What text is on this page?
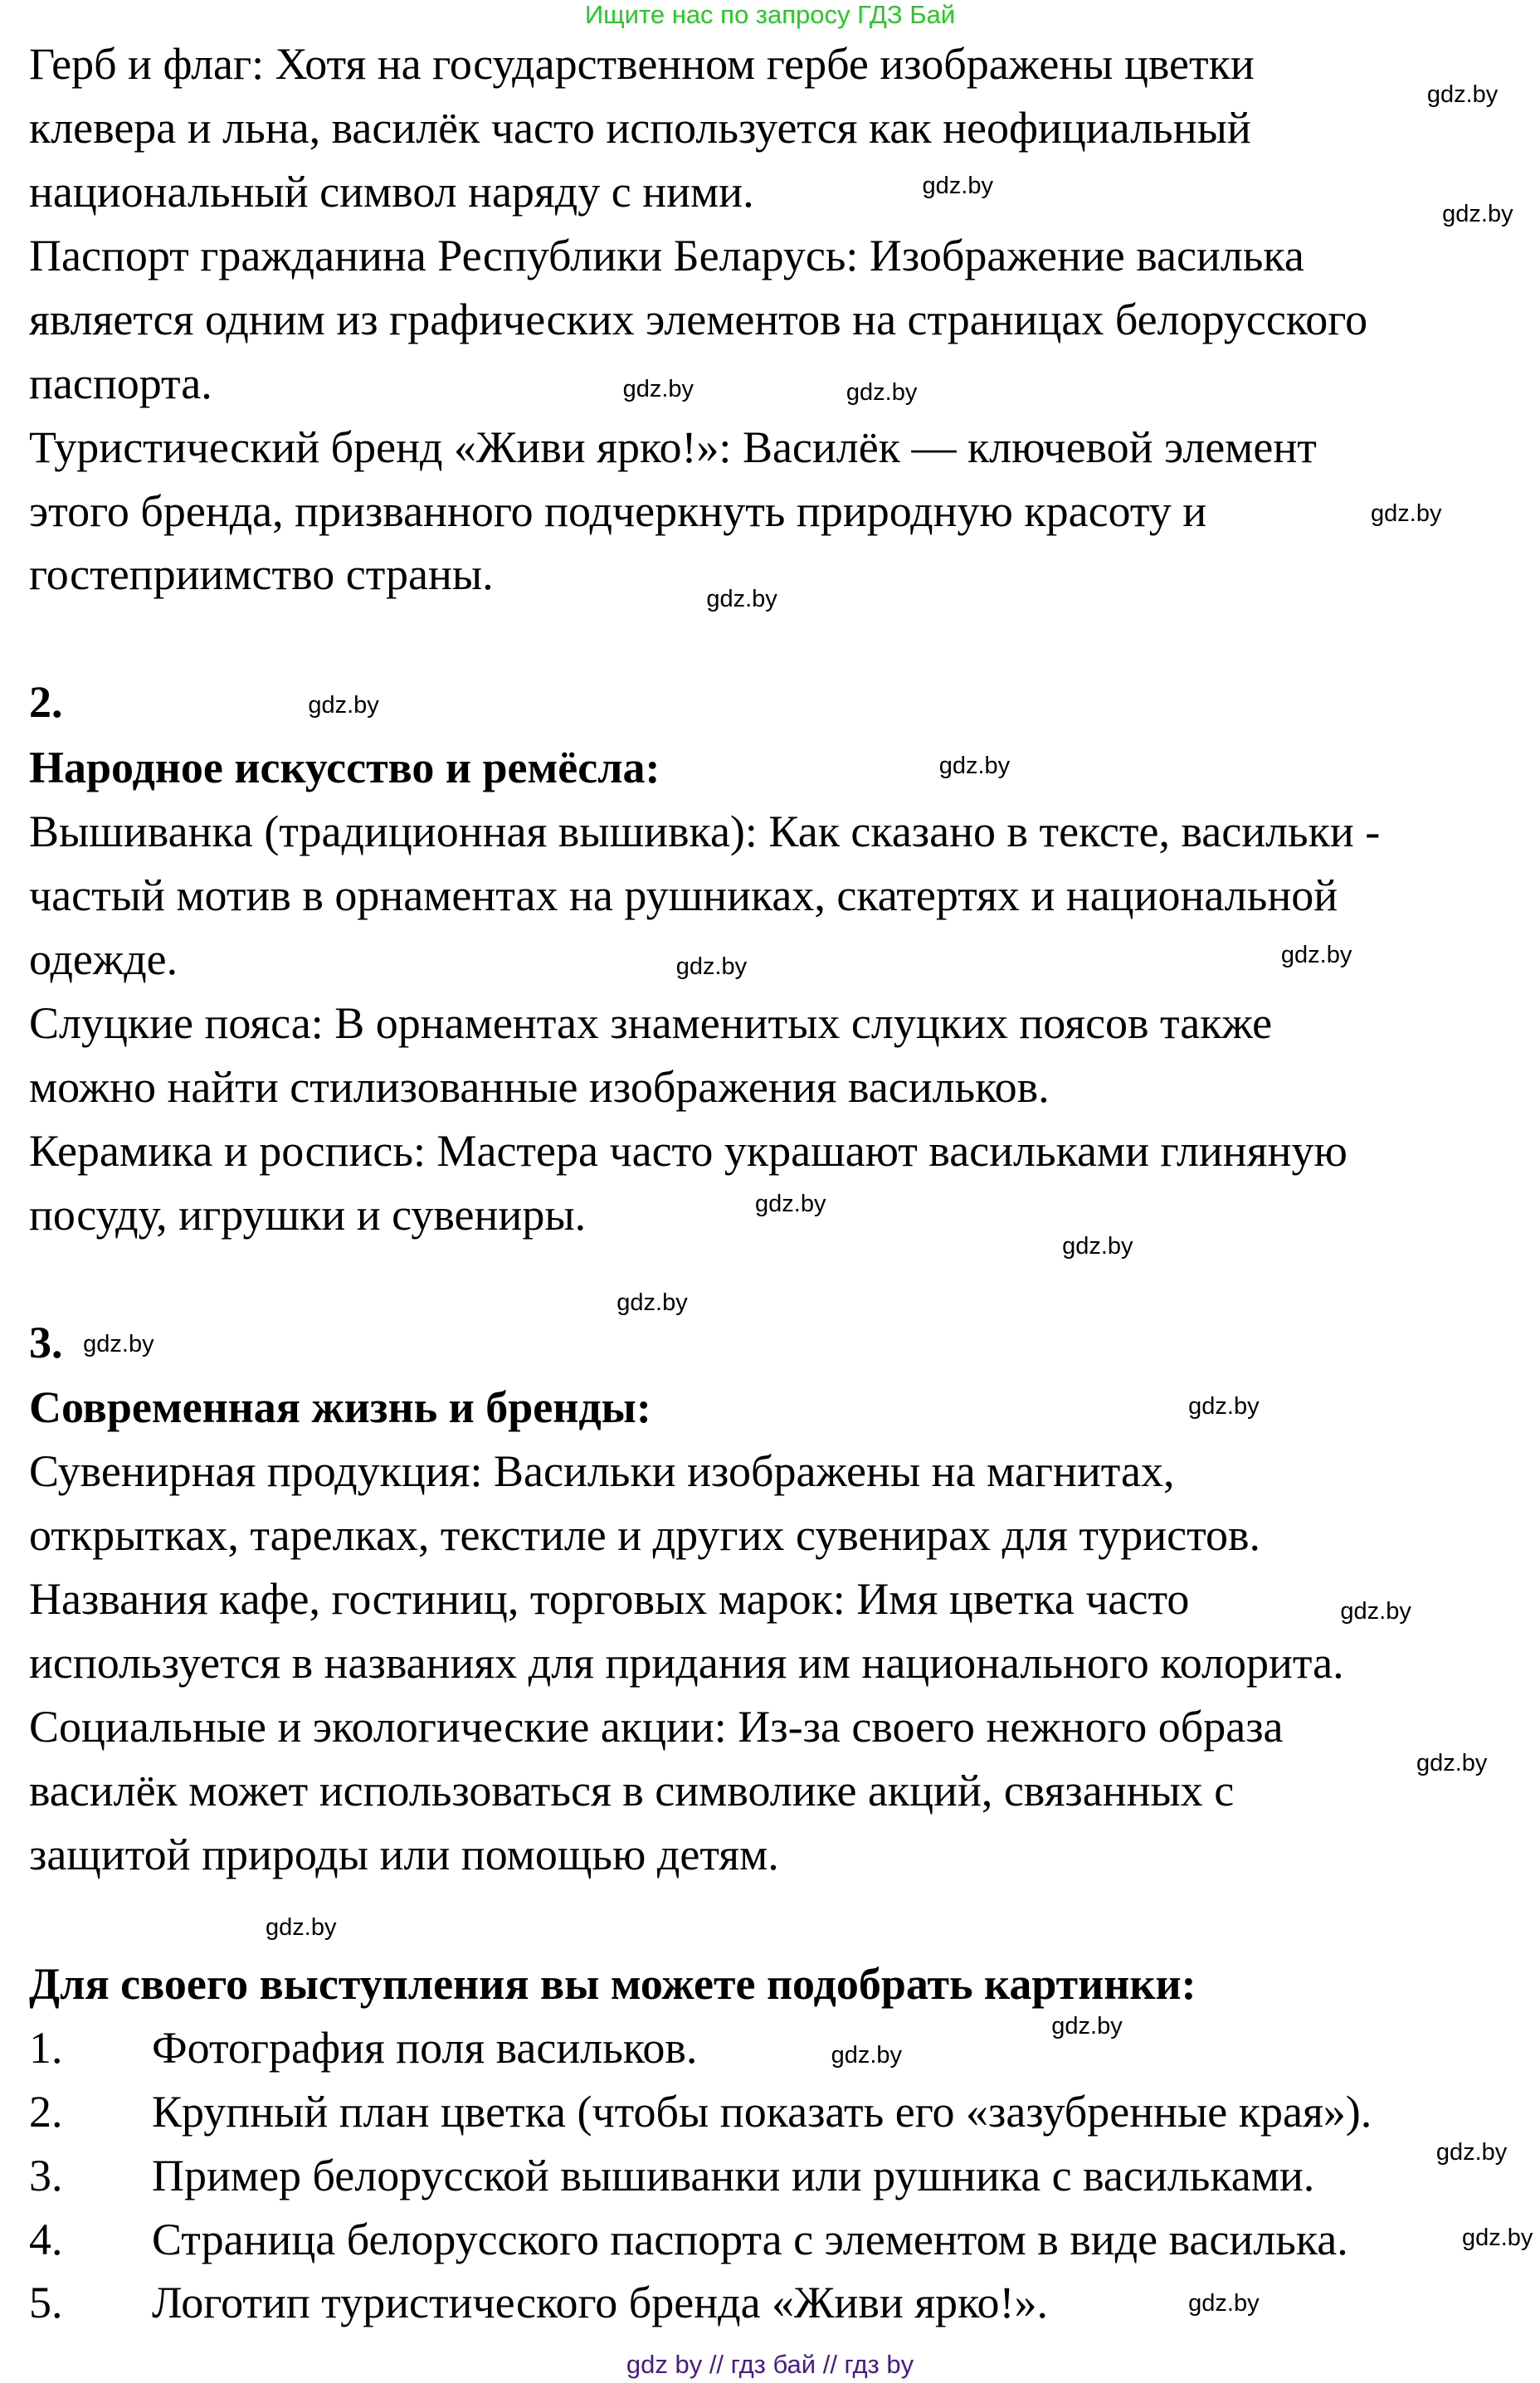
Ищите нас по запросу ГДЗ Бай
Герб и флаг: Хотя на государственном гербе изображены цветки
клевера и льна, василёк часто используется как неофициальный
национальный символ наряду с ними.
Паспорт гражданина Республики Беларусь: Изображение василька
является одним из графических элементов на страницах белорусского
паспорта.
Туристический бренд «Живи ярко!»: Василёк — ключевой элемент
этого бренда, призванного подчеркнуть природную красоту и
гостеприимство страны.
2.
Народное искусство и ремёсла:
Вышиванка (традиционная вышивка): Как сказано в тексте, васильки -
частый мотив в орнаментах на рушниках, скатертях и национальной
одежде.
Слуцкие пояса: В орнаментах знаменитых слуцких поясов также
можно найти стилизованные изображения васильков.
Керамика и роспись: Мастера часто украшают васильками глиняную
посуду, игрушки и сувениры.
3.
Современная жизнь и бренды:
Сувенирная продукция: Васильки изображены на магнитах,
открытках, тарелках, текстиле и других сувенирах для туристов.
Названия кафе, гостиниц, торговых марок: Имя цветка часто
используется в названиях для придания им национального колорита.
Социальные и экологические акции: Из-за своего нежного образа
василёк может использоваться в символике акций, связанных с
защитой природы или помощью детям.
Для своего выступления вы можете подобрать картинки:
1. Фотография поля васильков.
2. Крупный план цветка (чтобы показать его «зазубренные края»).
3. Пример белорусской вышиванки или рушника с васильками.
4. Страница белорусского паспорта с элементом в виде василька.
5. Логотип туристического бренда «Живи ярко!».
gdz.by
gdz.by
gdz.by
gdz.by	gdz.by
gdz.by
gdz.by
gdz.by
gdz.by
gdz.by
gdz.by
gdz.by
gdz.by
gdz.by
gdz.by
gdz.by
gdz.by
gdz.by
gdz.by
gdz.by
gdz.by
gdz.by
gdz.by
gdz.by
gdz by // гдз бай // гдз by
